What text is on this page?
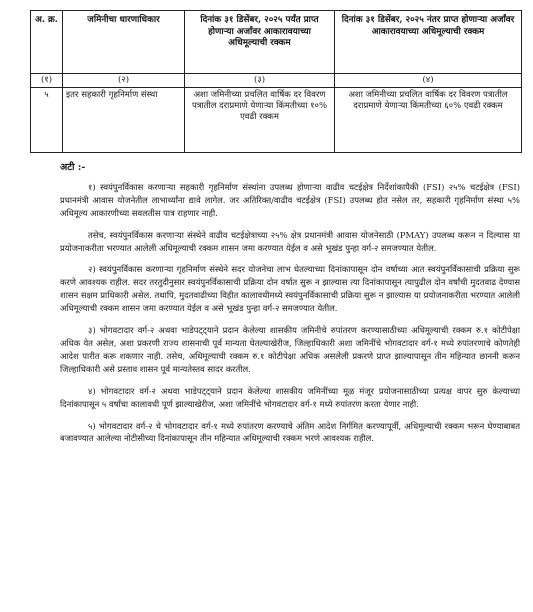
अ. क्र.	जमिनीचा धारणाधिकार	दिनांक ३१ डिसेंबर, २०२५ पर्यंत प्राप्त होणाऱ्या अर्जांवर आकारावयाच्या अधिमूल्याची रक्कम	दिनांक ३१ डिसेंबर, २०२५ नंतर प्राप्त होणाऱ्या अर्जांवर आकारावयाच्या अधिमूल्याची रक्कम
(१)	(२)	(३)	(४)
५	इतर सहकारी गृहनिर्माण संस्था	अशा जमिनीच्या प्रचलित वार्षिक दर विवरण पत्रातील दराप्रमाणे येणाऱ्या किंमतीच्या १०% एवढी रक्कम	अशा जमिनीच्या प्रचलित वार्षिक दर विवरण पत्रातील दराप्रमाणे येणाऱ्या किंमतीच्या ६०% एवढी रक्कम
अटी :-

१) स्वयंपुनर्विकास करणाऱ्या सहकारी गृहनिर्माण संस्थांना उपलब्ध होणाऱ्या वाढीव चटईक्षेत्र निर्देशांकापैकी (FSI) २५% चटईक्षेत्र (FSI) प्रधानमंत्री आवास योजनेतील लाभार्थ्यांना द्यावे लागेल. जर अतिरिक्त/वाढीव चटईक्षेत्र (FSI) उपलब्ध होत नसेल तर, सहकारी गृहनिर्माण संस्था ५% अधिमूल्य आकारणीच्या सवलतीस पात्र राहणार नाही.

तसेच, स्वयंपुनर्विकास करणाऱ्या संस्थेने वाढीव चटईक्षेत्राच्या २५% क्षेत्र प्रधानमंत्री आवास योजनेसाठी (PMAY) उपलब्ध करून न दिल्यास या प्रयोजनाकरीता भरण्यात आलेली अधिमूल्याची रक्कम शासन जमा करण्यात येईल व असे भूखंड पुन्हा वर्ग-२ समजण्यात येतील.

२) स्वयंपुनर्विकास करणाऱ्या गृहनिर्माण संस्थेने सदर योजनेचा लाभ घेतल्याच्या दिनांकापासून दोन वर्षाच्या आत स्वयंपुनर्विकासाची प्रक्रिया सुरू करणे आवश्यक राहील. सदर तरतुदीनुसार स्वयंपुनर्विकासाची प्रक्रिया दोन वर्षात सुरू न झाल्यास त्या दिनांकापासून त्यापुढील दोन वर्षांची मुदतवाढ देण्यास शासन सक्षम प्राधिकारी असेल. तथापि, मुदतवाढीच्या विहीत कालावधीमध्ये स्वयंपुनर्विकासाची प्रक्रिया सुरू न झाल्यास या प्रयोजनाकरीता भरण्यात आलेली अधिमूल्याची रक्कम शासन जमा करण्यात येईल व असे भूखंड पुन्हा वर्ग-२ समजण्यात येतील.

३) भोगवटादार वर्ग-२ अथवा भाडेपट्ट्याने प्रदान केलेल्या शासकीय जमिनीचे रुपांतरण करण्यासाठीच्या अधिमूल्याची रक्कम रु.१ कोटीपेक्षा अधिक येत असेल, अशा प्रकरणी राज्य शासनाची पूर्व मान्यता घेतल्याखेरीज, जिल्हाधिकारी अशा जमिनींचे भोगवटादार वर्ग-१ मध्ये रुपांतरणाचे कोणतेही आदेश पारीत करू शकणार नाही. तसेच, अधिमूल्याची रक्कम रु.१ कोटीपेक्षा अधिक असलेली प्रकरणे प्राप्त झाल्यापासून तीन महिन्यात छाननी करून जिल्हाधिकारी असे प्रस्ताव शासन पूर्व मान्यतेस्तव सादर करतील.

४) भोगवटादार वर्ग-२ अथवा भाडेपट्ट्याने प्रदान केलेल्या शासकीय जमिनींच्या मूळ मंजूर प्रयोजनासाठीच्या प्रत्यक्ष वापर सुरु केल्याच्या दिनांकापासून ५ वर्षांचा कालावधी पूर्ण झाल्याखेरीज, अशा जमिनींचे भोगवटादार वर्ग-१ मध्ये रुपांतरण करता येणार नाही.

५) भोगवटादार वर्ग-२ चे भोगवटादार वर्ग-१ मध्ये रुपांतरण करण्याचे अंतिम आदेश निर्गमित करण्यापूर्वी, अधिमूल्याची रक्कम भरून घेण्याबाबत बजावण्यात आलेल्या नोटीसीच्या दिनांकापासून तीन महिन्यात अधिमूल्याची रक्कम भरणे आवश्यक राहील.
